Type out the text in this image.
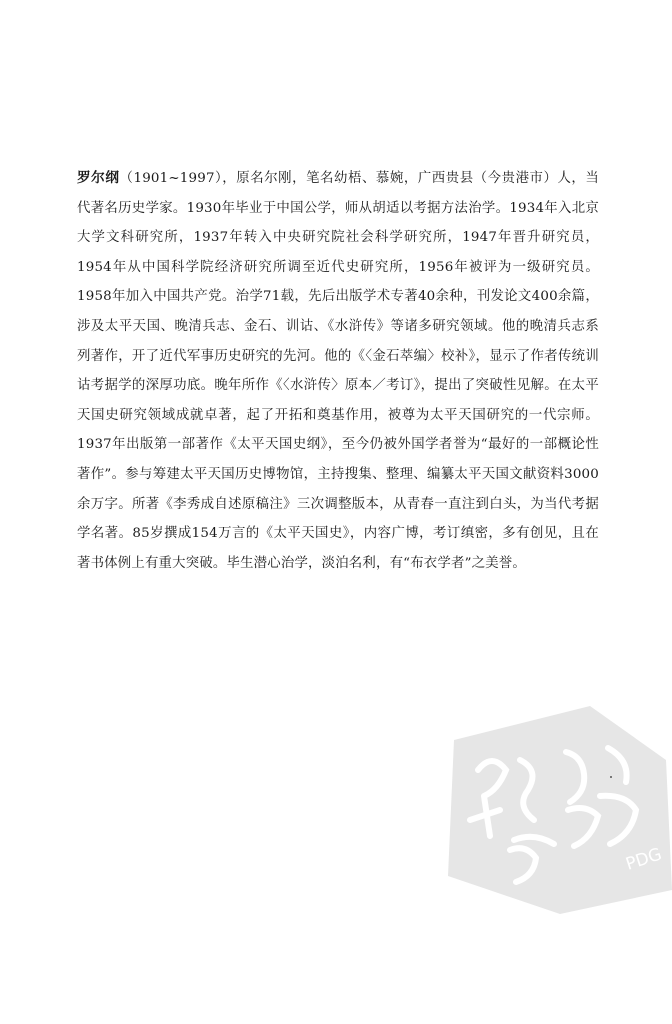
罗尔纲（1901~1997），原名尔刚，笔名幼梧、慕婉，广西贵县（今贵港市）人，当代著名历史学家。1930年毕业于中国公学，师从胡适以考据方法治学。1934年入北京大学文科研究所，1937年转入中央研究院社会科学研究所，1947年晋升研究员，1954年从中国科学院经济研究所调至近代史研究所，1956年被评为一级研究员。1958年加入中国共产党。治学71载，先后出版学术专著40余种，刊发论文400余篇，涉及太平天国、晚清兵志、金石、训诂、《水浒传》等诸多研究领域。他的晚清兵志系列著作，开了近代军事历史研究的先河。他的《〈金石萃编〉校补》，显示了作者传统训诂考据学的深厚功底。晚年所作《〈水浒传〉原本／考订》，提出了突破性见解。在太平天国史研究领域成就卓著，起了开拓和奠基作用，被尊为太平天国研究的一代宗师。1937年出版第一部著作《太平天国史纲》，至今仍被外国学者誉为“最好的一部概论性著作”。参与筹建太平天国历史博物馆，主持搜集、整理、编纂太平天国文献资料3000余万字。所著《李秀成自述原稿注》三次调整版本，从青春一直注到白头，为当代考据学名著。85岁撰成154万言的《太平天国史》，内容广博，考订缜密，多有创见，且在著书体例上有重大突破。毕生潜心治学，淡泊名利，有“布衣学者”之美誉。

PDG
